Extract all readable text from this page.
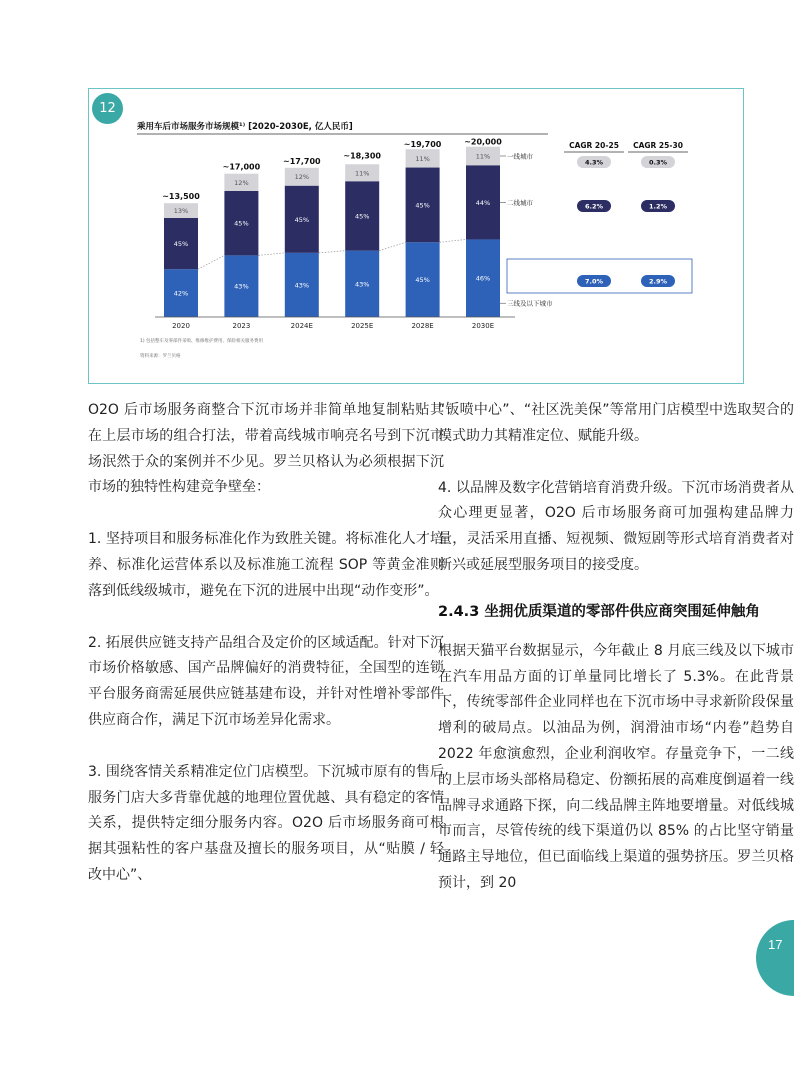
12
乘用车后市场服务市场规模¹⁾ [2020-2030E, 亿人民币]
42%
45%
13%
~13,500
2020
43%
45%
12%
~17,000
2023
43%
45%
12%
~17,700
2024E
43%
45%
11%
~18,300
2025E
45%
45%
11%
~19,700
2028E
46%
44%
11%
~20,000
2030E
一线城市
二线城市
三线及以下城市
CAGR 20-25 CAGR 25-30
4.3%	0.3%
6.2%	1.2%
7.0%	2.9%
1) 包括整车及零部件采购、维修维护费用、保险相关服务费用
资料来源：罗兰贝格

O2O 后市场服务商整合下沉市场并非简单地复制粘贴其在上层市场的组合打法，带着高线城市响亮名号到下沉市场泯然于众的案例并不少见。罗兰贝格认为必须根据下沉市场的独特性构建竞争壁垒：

1. 坚持项目和服务标准化作为致胜关键。将标准化人才培养、标准化运营体系以及标准施工流程 SOP 等黄金准则落到低线级城市，避免在下沉的进展中出现“动作变形”。

2. 拓展供应链支持产品组合及定价的区域适配。针对下沉市场价格敏感、国产品牌偏好的消费特征，全国型的连锁平台服务商需延展供应链基建布设，并针对性增补零部件供应商合作，满足下沉市场差异化需求。

3. 围绕客情关系精准定位门店模型。下沉城市原有的售后服务门店大多背靠优越的地理位置优越、具有稳定的客情关系，提供特定细分服务内容。O2O 后市场服务商可根据其强粘性的客户基盘及擅长的服务项目，从“贴膜 / 轻改中心”、

“钣喷中心”、“社区洗美保”等常用门店模型中选取契合的模式助力其精准定位、赋能升级。

4. 以品牌及数字化营销培育消费升级。下沉市场消费者从众心理更显著，O2O 后市场服务商可加强构建品牌力量，灵活采用直播、短视频、微短剧等形式培育消费者对新兴或延展型服务项目的接受度。

2.4.3 坐拥优质渠道的零部件供应商突围延伸触角

根据天猫平台数据显示，今年截止 8 月底三线及以下城市在汽车用品方面的订单量同比增长了 5.3%。在此背景下，传统零部件企业同样也在下沉市场中寻求新阶段保量增利的破局点。以油品为例，润滑油市场“内卷”趋势自 2022 年愈演愈烈，企业利润收窄。存量竞争下，一二线的上层市场头部格局稳定、份额拓展的高难度倒逼着一线品牌寻求通路下探，向二线品牌主阵地要增量。对低线城市而言，尽管传统的线下渠道仍以 85% 的占比坚守销量通路主导地位，但已面临线上渠道的强势挤压。罗兰贝格预计，到 20

17
